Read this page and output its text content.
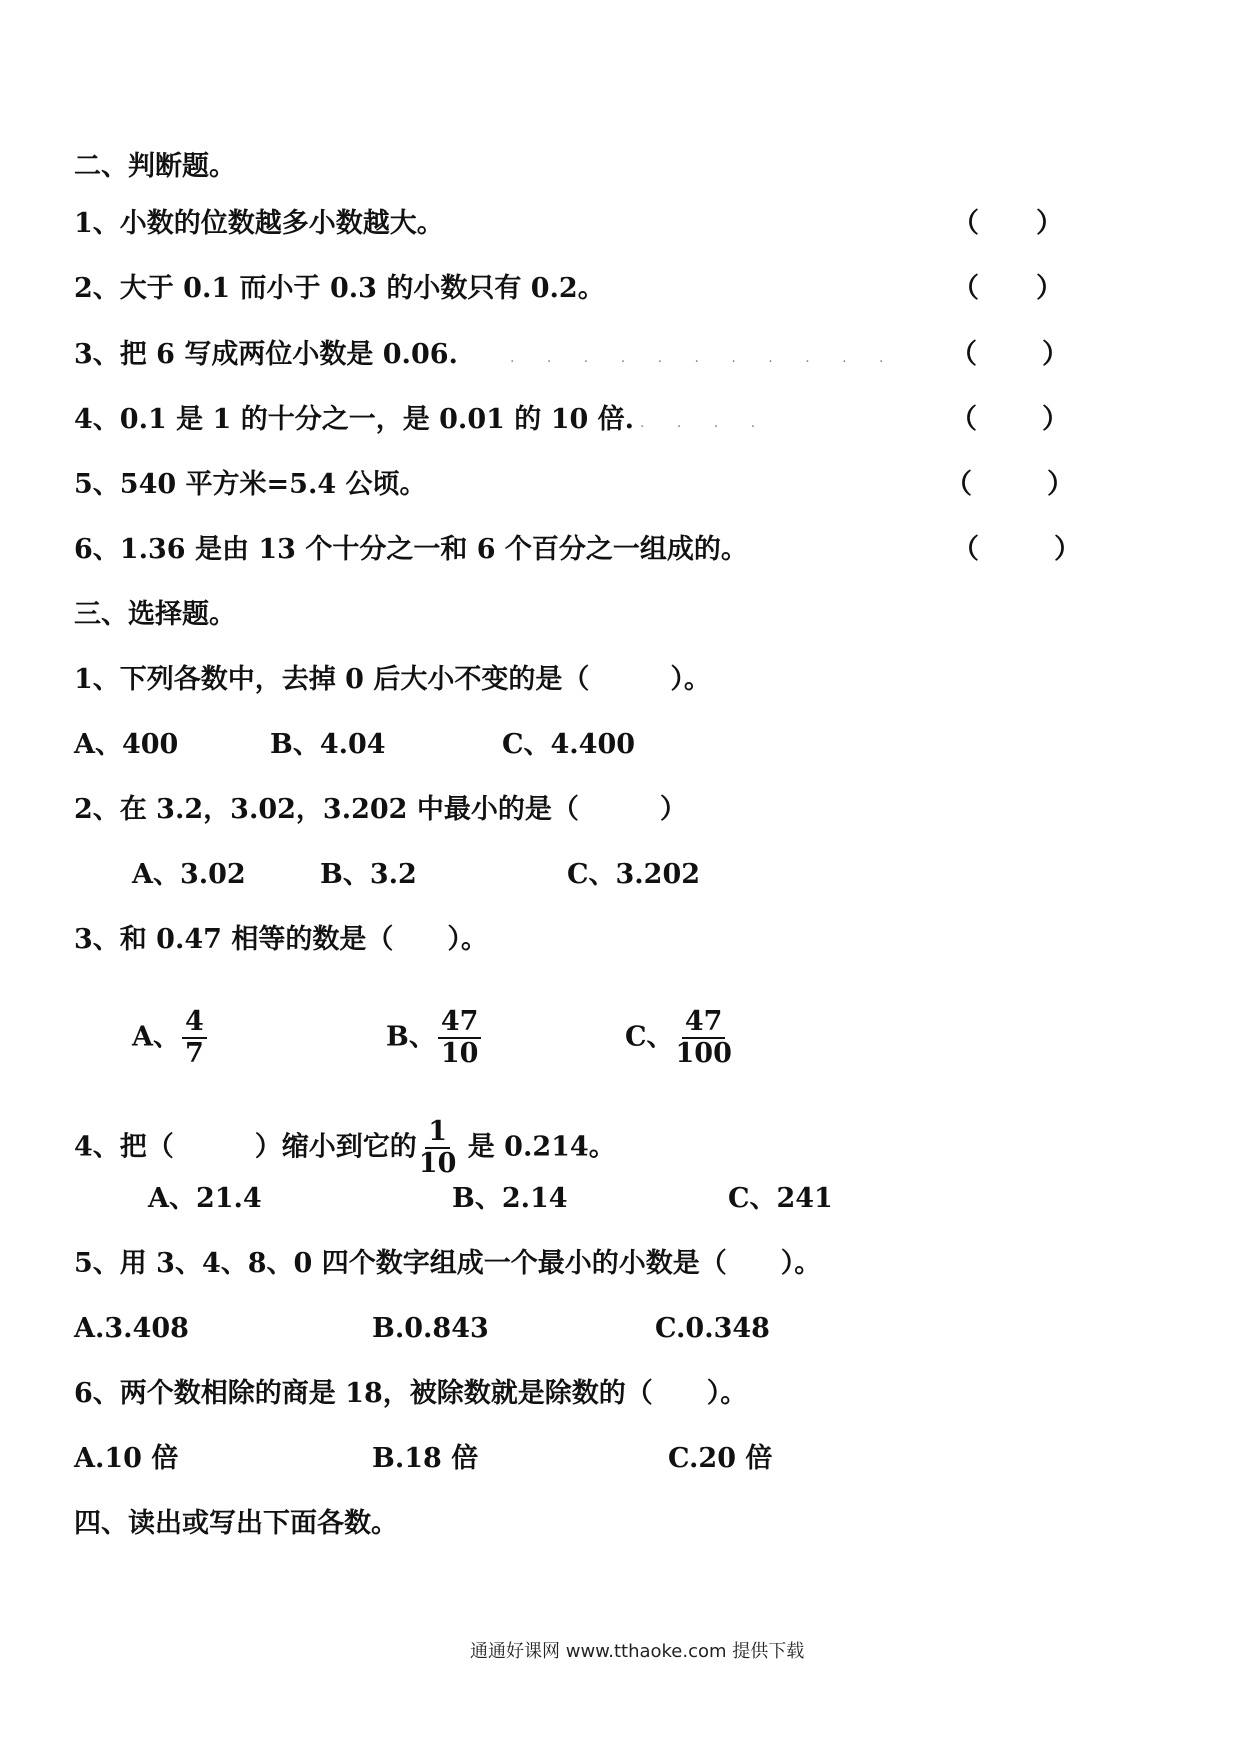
二、判断题。
1、小数的位数越多小数越大。	（ ）
2、大于 0.1 而小于 0.3 的小数只有 0.2。	（ ）
3、把 6 写成两位小数是 0.06.	. . . . . . . . . . . （ ）
4、0.1 是 1 的十分之一，是 0.01 的 10 倍. . . . .	（ ）
5、540 平方米=5.4 公顷。	（	）
6、1.36 是由 13 个十分之一和 6 个百分之一组成的。	（	）
三、选择题。
1、下列各数中，去掉 0 后大小不变的是（　　　）。
A、400	B、4.04	C、4.400
2、在 3.2，3.02，3.202 中最小的是（　　　）
A、3.02	B、3.2	C、3.202
3、和 0.47 相等的数是（　　）。
A、 $\frac{4}{7}$	B、 $\frac{47}{10}$	C、 $\frac{47}{100}$
4、把（　　　）缩小到它的 $\frac{1}{10}$ 是 0.214。
A、21.4	B、2.14	C、241
5、用 3、4、8、0 四个数字组成一个最小的小数是（　　）。
A.3.408	B.0.843	C.0.348
6、两个数相除的商是 18，被除数就是除数的（　　）。
A.10 倍	B.18 倍	C.20 倍
四、读出或写出下面各数。
通通好课网 www.tthaoke.com 提供下载
